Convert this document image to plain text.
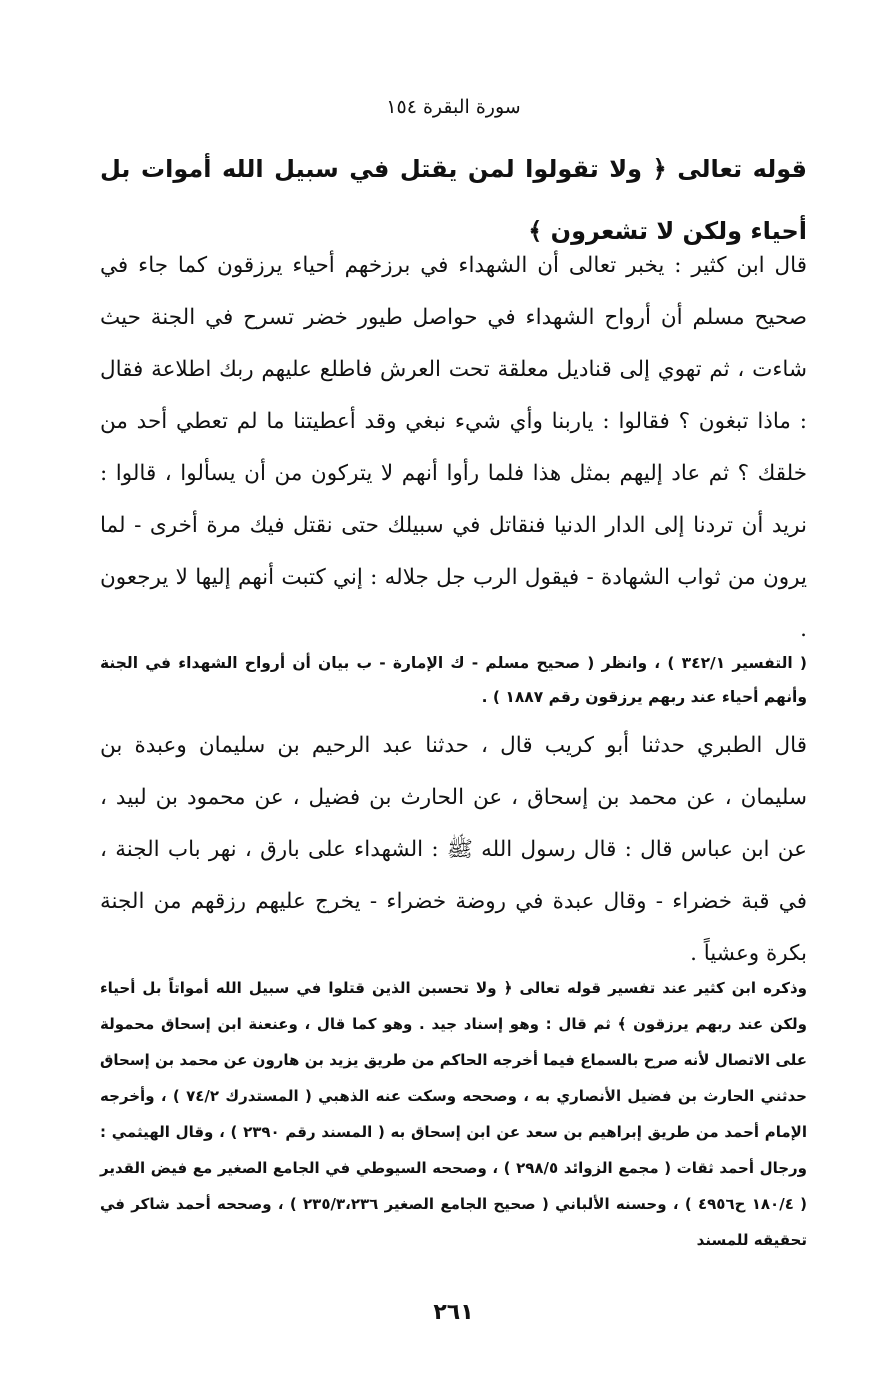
سورة البقرة ١٥٤

قوله تعالى ﴿ ولا تقولوا لمن يقتل في سبيل الله أموات بل أحياء ولكن لا تشعرون ﴾

قال ابن كثير : يخبر تعالى أن الشهداء في برزخهم أحياء يرزقون كما جاء في صحيح مسلم أن أرواح الشهداء في حواصل طيور خضر تسرح في الجنة حيث شاءت ، ثم تهوي إلى قناديل معلقة تحت العرش فاطلع عليهم ربك اطلاعة فقال : ماذا تبغون ؟ فقالوا : ياربنا وأي شيء نبغي وقد أعطيتنا ما لم تعطي أحد من خلقك ؟ ثم عاد إليهم بمثل هذا فلما رأوا أنهم لا يتركون من أن يسألوا ، قالوا : نريد أن تردنا إلى الدار الدنيا فنقاتل في سبيلك حتى نقتل فيك مرة أخرى - لما يرون من ثواب الشهادة - فيقول الرب جل جلاله : إني كتبت أنهم إليها لا يرجعون .

( التفسير ٣٤٢/١ ) ، وانظر ( صحيح مسلم - ك الإمارة - ب بيان أن أرواح الشهداء في الجنة وأنهم أحياء عند ربهم يرزقون رقم ١٨٨٧ ) .

قال الطبري حدثنا أبو كريب قال ، حدثنا عبد الرحيم بن سليمان وعبدة بن سليمان ، عن محمد بن إسحاق ، عن الحارث بن فضيل ، عن محمود بن لبيد ، عن ابن عباس قال : قال رسول الله ﷺ : الشهداء على بارق ، نهر باب الجنة ، في قبة خضراء - وقال عبدة في روضة خضراء - يخرج عليهم رزقهم من الجنة بكرة وعشياً .

وذكره ابن كثير عند تفسير قوله تعالى ﴿ ولا تحسبن الذين قتلوا في سبيل الله أمواتاً بل أحياء ولكن عند ربهم يرزقون ﴾ ثم قال : وهو إسناد جيد . وهو كما قال ، وعنعنة ابن إسحاق محمولة على الاتصال لأنه صرح بالسماع فيما أخرجه الحاكم من طريق يزيد بن هارون عن محمد بن إسحاق حدثني الحارث بن فضيل الأنصاري به ، وصححه وسكت عنه الذهبي ( المستدرك ٧٤/٢ ) ، وأخرجه الإمام أحمد من طريق إبراهيم بن سعد عن ابن إسحاق به ( المسند رقم ٢٣٩٠ ) ، وقال الهيثمي : ورجال أحمد ثقات ( مجمع الزوائد ٢٩٨/٥ ) ، وصححه السيوطي في الجامع الصغير مع فيض القدير ( ١٨٠/٤ ح٤٩٥٦ ) ، وحسنه الألباني ( صحيح الجامع الصغير ٢٣٥/٣،٢٣٦ ) ، وصححه أحمد شاكر في تحقيقه للمسند

٢٦١
